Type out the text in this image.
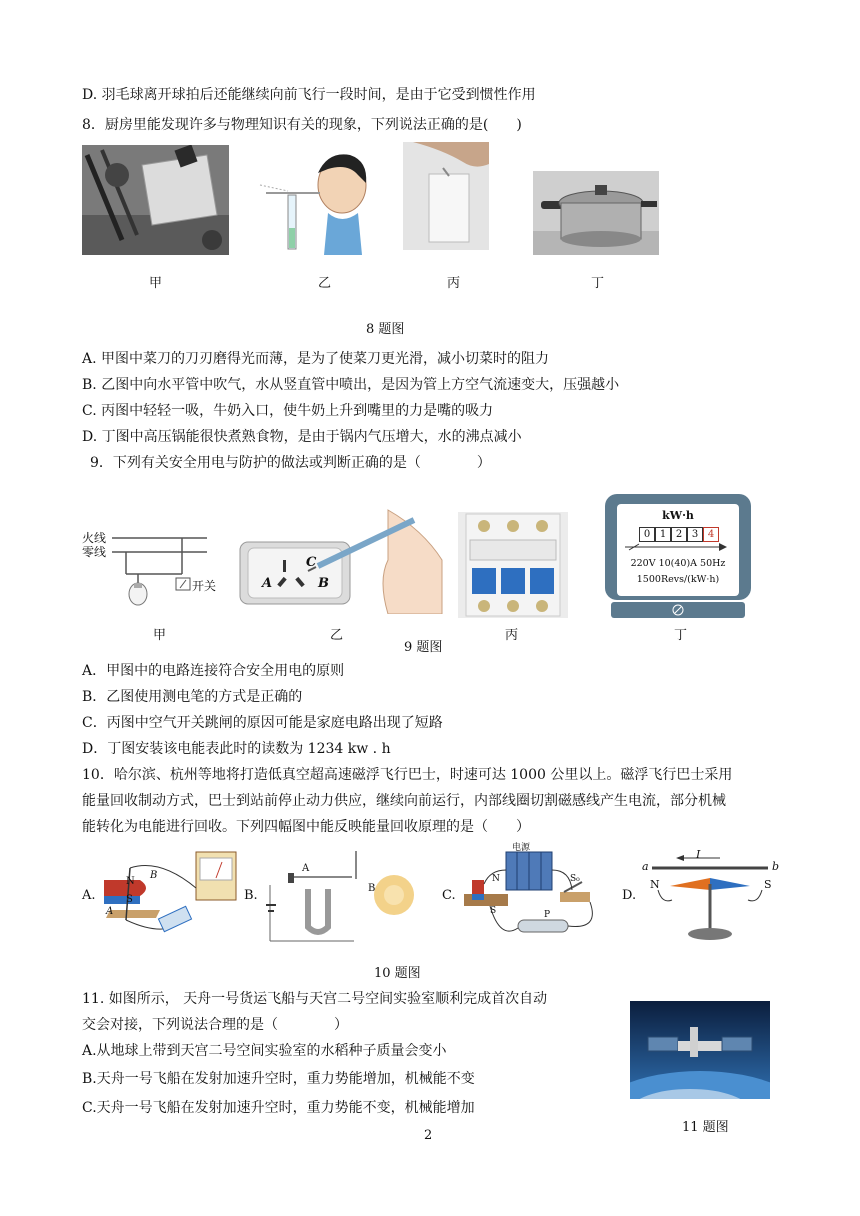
D. 羽毛球离开球拍后还能继续向前飞行一段时间，是由于它受到惯性作用
8．厨房里能发现许多与物理知识有关的现象，下列说法正确的是(　　)
甲	乙	丙	丁
8 题图
A. 甲图中菜刀的刀刃磨得光而薄，是为了使菜刀更光滑，减小切菜时的阻力
B. 乙图中向水平管中吹气，水从竖直管中喷出，是因为管上方空气流速变大，压强越小
C. 丙图中轻轻一吸，牛奶入口，使牛奶上升到嘴里的力是嘴的吸力
D. 丁图中高压锅能很快煮熟食物，是由于锅内气压增大，水的沸点减小
9．下列有关安全用电与防护的做法或判断正确的是（　　　　）
火线
零线
开关
C
A	B
kW·h
0 1 2 3 4
220V 10(40)A 50Hz
1500Revs/(kW·h)
甲	乙	丙	丁
9 题图
A．甲图中的电路连接符合安全用电的原则
B．乙图使用测电笔的方式是正确的
C．丙图中空气开关跳闸的原因可能是家庭电路出现了短路
D．丁图安装该电能表此时的读数为 1234 kw . h
10．哈尔滨、杭州等地将打造低真空超高速磁浮飞行巴士，时速可达 1000 公里以上。磁浮飞行巴士采用
能量回收制动方式，巴士到站前停止动力供应，继续向前运行，内部线圈切割磁感线产生电流，部分机械
能转化为电能进行回收。下列四幅图中能反映能量回收原理的是（　　）
A.
N
S
A
B
B.
A
B	C.
电源
N
S	P
S₀
D.
a	b
I
N	S
10 题图
11. 如图所示， 天舟一号货运飞船与天宫二号空间实验室顺利完成首次自动
交会对接，下列说法合理的是（　　　　）
A.从地球上带到天宫二号空间实验室的水稻种子质量会变小
B.天舟一号飞船在发射加速升空时，重力势能增加，机械能不变
C.天舟一号飞船在发射加速升空时，重力势能不变，机械能增加
11 题图
2
